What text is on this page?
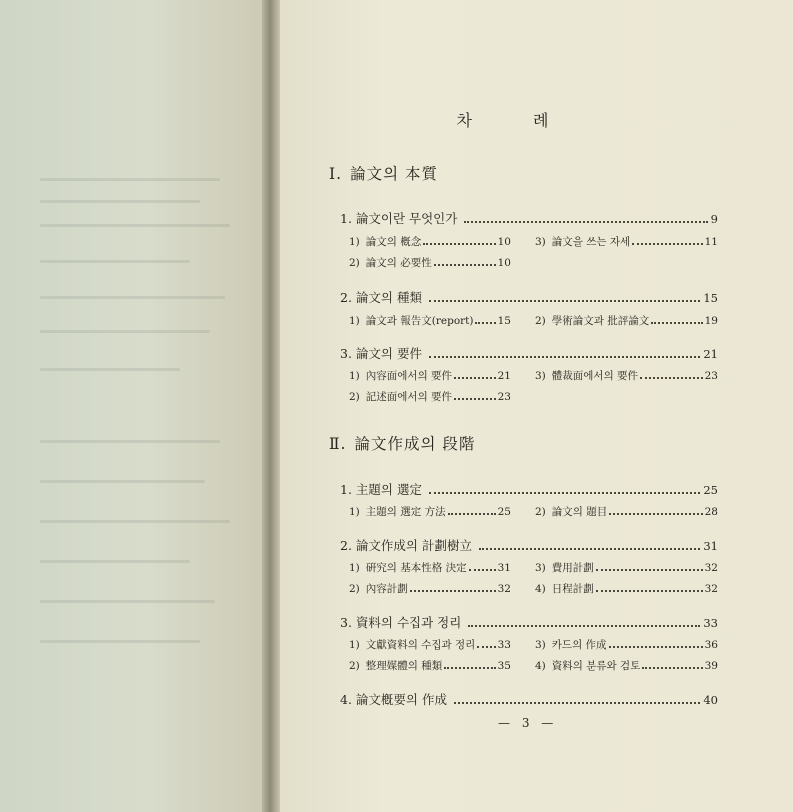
차 례
Ⅰ. 論文의 本質
1. 論文이란 무엇인가	9
1) 論文의 槪念	10 3) 論文을 쓰는 자세	11
2) 論文의 必要性	10
2. 論文의 種類	15
1) 論文과 報告文(report) 15 2) 學術論文과 批評論文	19
3. 論文의 要件	21
1) 內容面에서의 要件	21 3) 體裁面에서의 要件	23
2) 記述面에서의 要件	23
Ⅱ. 論文作成의 段階
1. 主題의 選定	25
1) 主題의 選定 方法	25 2) 論文의 題目	28
2. 論文作成의 計劃樹立	31
1) 硏究의 基本性格 決定	31 3) 費用計劃	32
2) 內容計劃	32 4) 日程計劃	32
3. 資料의 수집과 정리	33
1) 文獻資料의 수집과 정리 33 3) 카드의 作成	36
2) 整理媒體의 種類	35 4) 資料의 분류와 검토	39
4. 論文槪要의 作成	40
— 3 —
